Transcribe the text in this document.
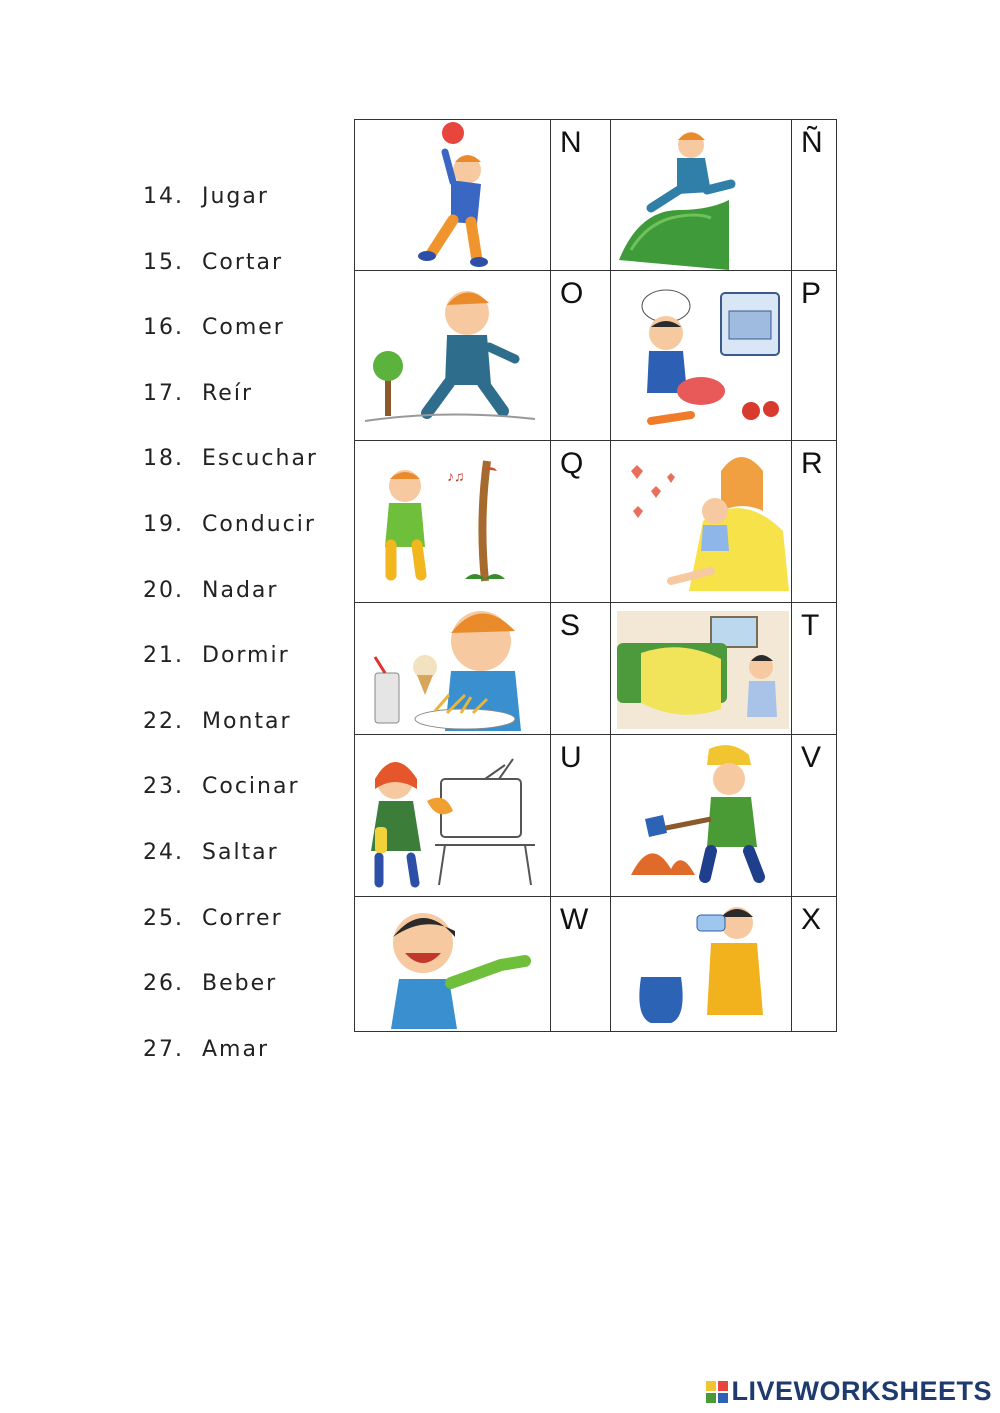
14. Jugar
15. Cortar
16. Comer
17. Reír
18. Escuchar
19. Conducir
20. Nadar
21. Dormir
22. Montar
23. Cocinar
24. Saltar
25. Correr
26. Beber
27. Amar

N		Ñ

O		P

♪♫	Q		R

S		T

U		V

W		X
LIVEWORKSHEETS
